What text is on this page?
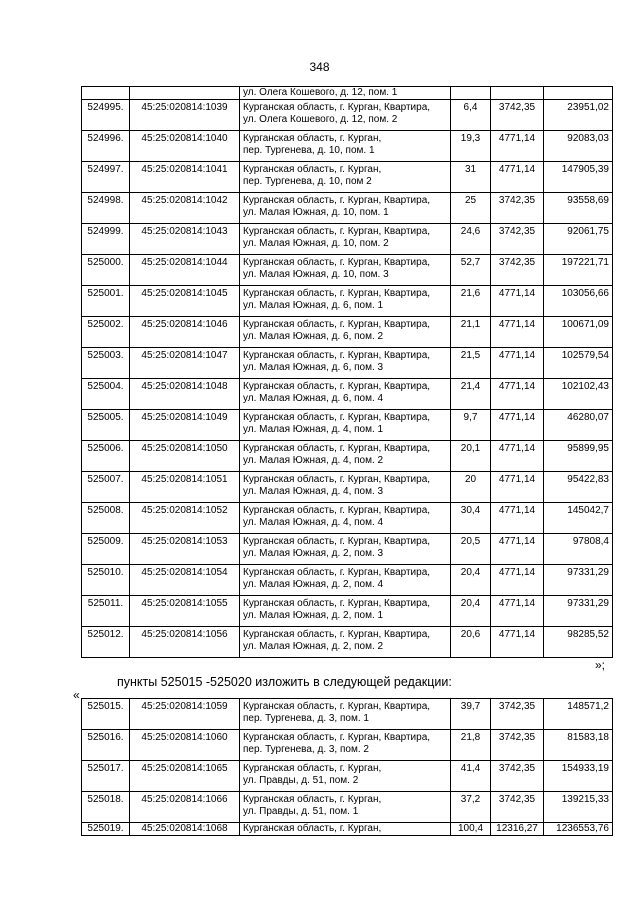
348

		ул. Олега Кошевого, д. 12, пом. 1			

524995.	45:25:020814:1039	Курганская область, г. Курган, Квартира,
ул. Олега Кошевого, д. 12, пом. 2	6,4	3742,35	23951,02
524996.	45:25:020814:1040	Курганская область, г. Курган,
пер. Тургенева, д. 10, пом. 1	19,3	4771,14	92083,03
524997.	45:25:020814:1041	Курганская область, г. Курган,
пер. Тургенева, д. 10, пом 2	31	4771,14	147905,39
524998.	45:25:020814:1042	Курганская область, г. Курган, Квартира,
ул. Малая Южная, д. 10, пом. 1	25	3742,35	93558,69
524999.	45:25:020814:1043	Курганская область, г. Курган, Квартира,
ул. Малая Южная, д. 10, пом. 2	24,6	3742,35	92061,75
525000.	45:25:020814:1044	Курганская область, г. Курган, Квартира,
ул. Малая Южная, д. 10, пом. 3	52,7	3742,35	197221,71
525001.	45:25:020814:1045	Курганская область, г. Курган, Квартира,
ул. Малая Южная, д. 6, пом. 1	21,6	4771,14	103056,66
525002.	45:25:020814:1046	Курганская область, г. Курган, Квартира,
ул. Малая Южная, д. 6, пом. 2	21,1	4771,14	100671,09
525003.	45:25:020814:1047	Курганская область, г. Курган, Квартира,
ул. Малая Южная, д. 6, пом. 3	21,5	4771,14	102579,54
525004.	45:25:020814:1048	Курганская область, г. Курган, Квартира,
ул. Малая Южная, д. 6, пом. 4	21,4	4771,14	102102,43
525005.	45:25:020814:1049	Курганская область, г. Курган, Квартира,
ул. Малая Южная, д. 4, пом. 1	9,7	4771,14	46280,07
525006.	45:25:020814:1050	Курганская область, г. Курган, Квартира,
ул. Малая Южная, д. 4, пом. 2	20,1	4771,14	95899,95
525007.	45:25:020814:1051	Курганская область, г. Курган, Квартира,
ул. Малая Южная, д. 4, пом. 3	20	4771,14	95422,83
525008.	45:25:020814:1052	Курганская область, г. Курган, Квартира,
ул. Малая Южная, д. 4, пом. 4	30,4	4771,14	145042,7
525009.	45:25:020814:1053	Курганская область, г. Курган, Квартира,
ул. Малая Южная, д. 2, пом. 3	20,5	4771,14	97808,4
525010.	45:25:020814:1054	Курганская область, г. Курган, Квартира,
ул. Малая Южная, д. 2, пом. 4	20,4	4771,14	97331,29
525011.	45:25:020814:1055	Курганская область, г. Курган, Квартира,
ул. Малая Южная, д. 2, пом. 1	20,4	4771,14	97331,29
525012.	45:25:020814:1056	Курганская область, г. Курган, Квартира,
ул. Малая Южная, д. 2, пом. 2	20,6	4771,14	98285,52
»;
пункты 525015 -525020 изложить в следующей редакции:
«
525015.	45:25:020814:1059	Курганская область, г. Курган, Квартира,
пер. Тургенева, д. 3, пом. 1	39,7	3742,35	148571,2
525016.	45:25:020814:1060	Курганская область, г. Курган, Квартира,
пер. Тургенева, д. 3, пом. 2	21,8	3742,35	81583,18
525017.	45:25:020814:1065	Курганская область, г. Курган,
ул. Правды, д. 51, пом. 2	41,4	3742,35	154933,19
525018.	45:25:020814:1066	Курганская область, г. Курган,
ул. Правды, д. 51, пом. 1	37,2	3742,35	139215,33
525019.	45:25:020814:1068	Курганская область, г. Курган,	100,4	12316,27	1236553,76
